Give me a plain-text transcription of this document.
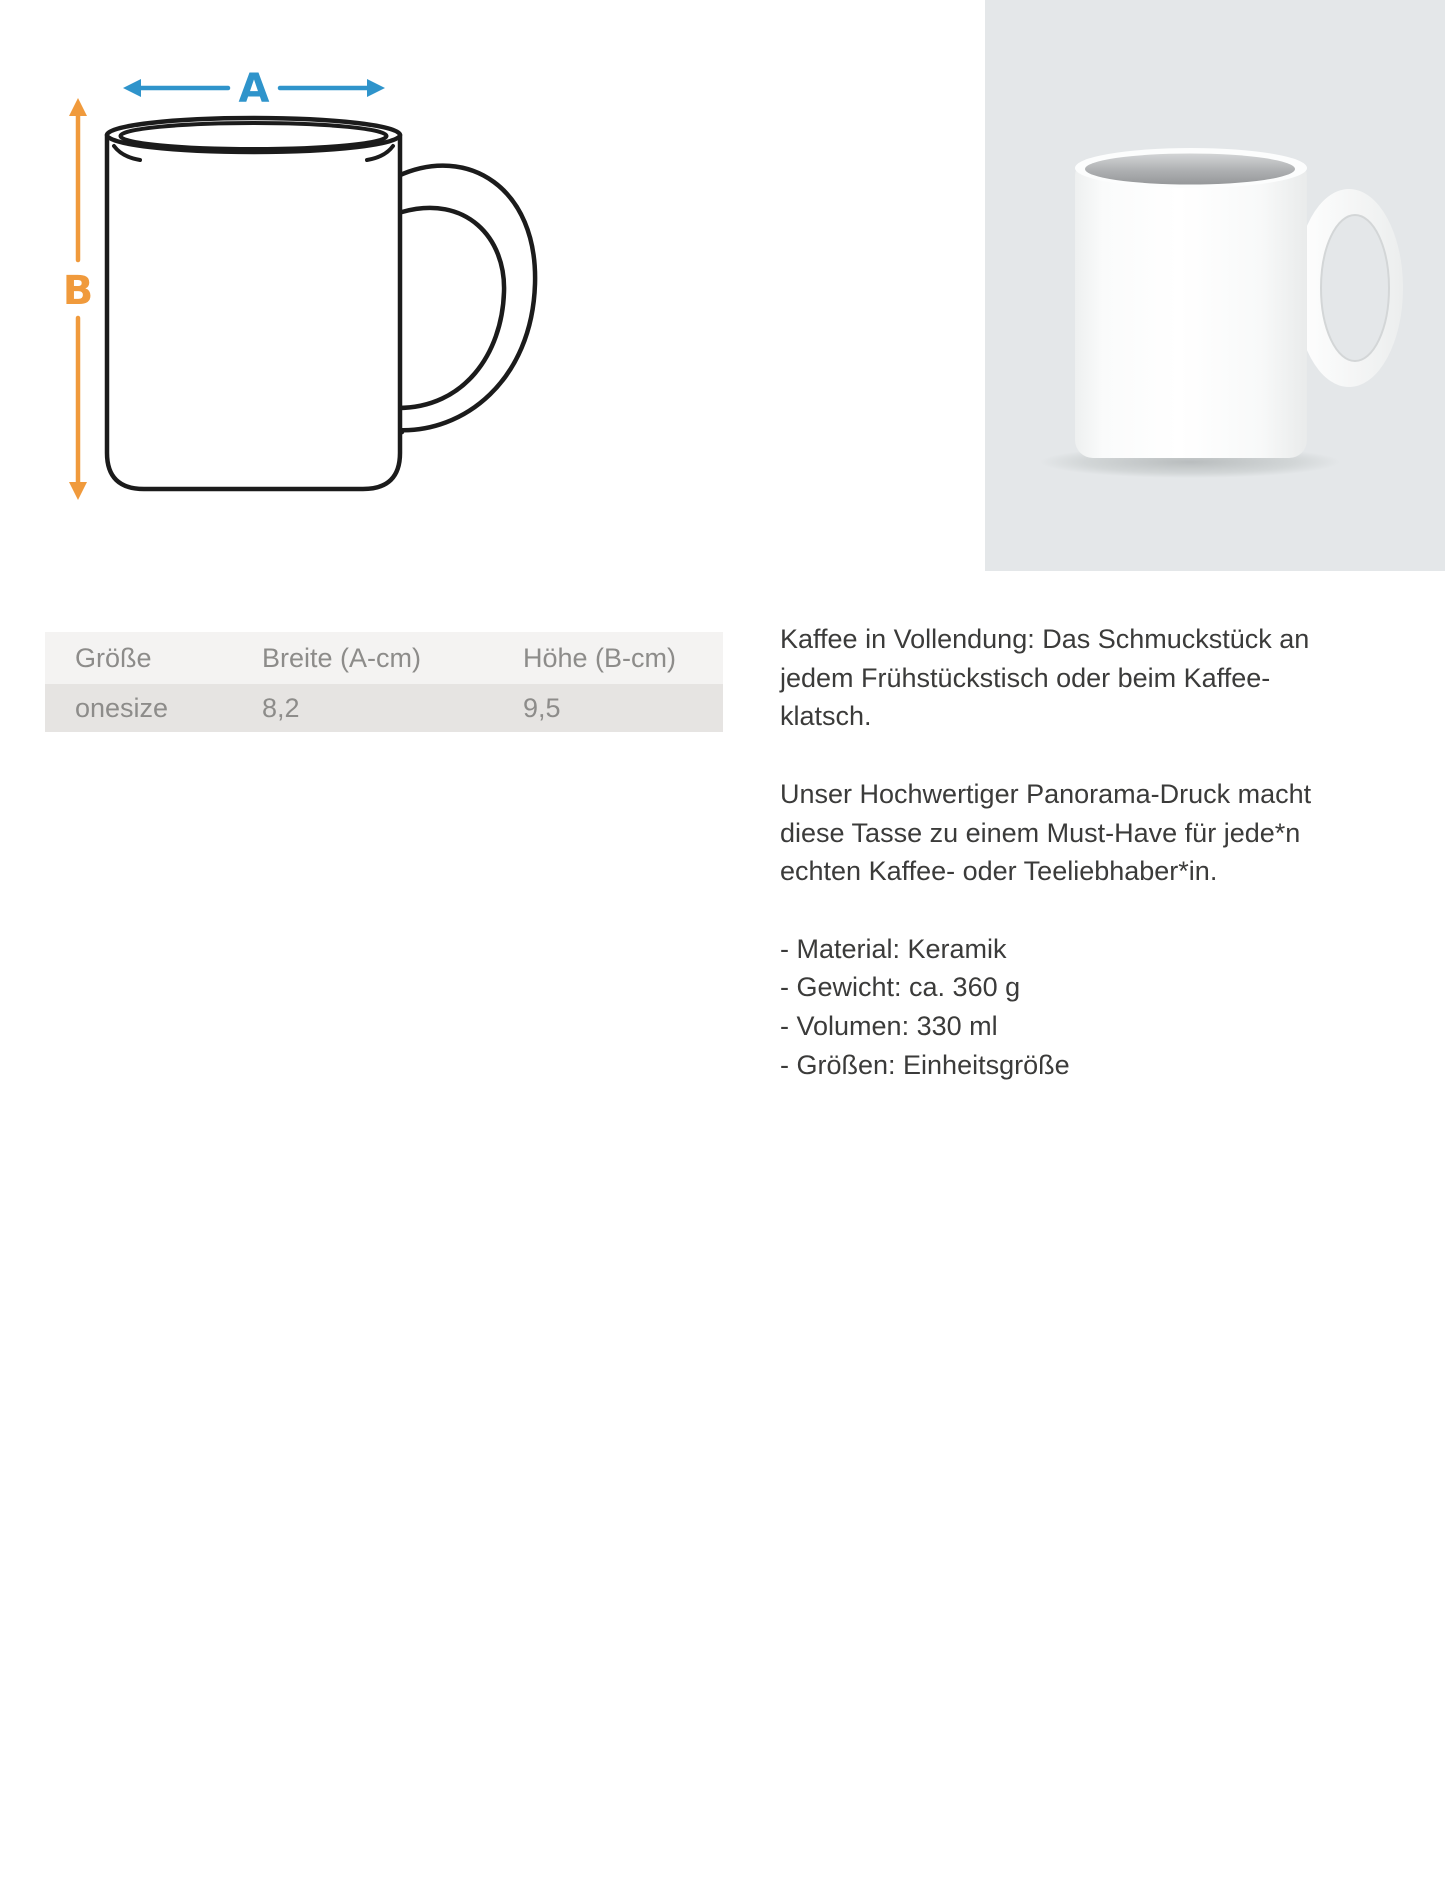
A
B
Größe	Breite (A-cm)	Höhe (B-cm)
onesize	8,2	9,5
Kaffee in Vollendung: Das Schmuckstück an
jedem Frühstückstisch oder beim Kaffee-
klatsch.
Unser Hochwertiger Panorama-Druck macht
diese Tasse zu einem Must-Have für jede*n
echten Kaffee- oder Teeliebhaber*in.
- Material: Keramik
- Gewicht: ca. 360 g
- Volumen: 330 ml
- Größen: Einheitsgröße
